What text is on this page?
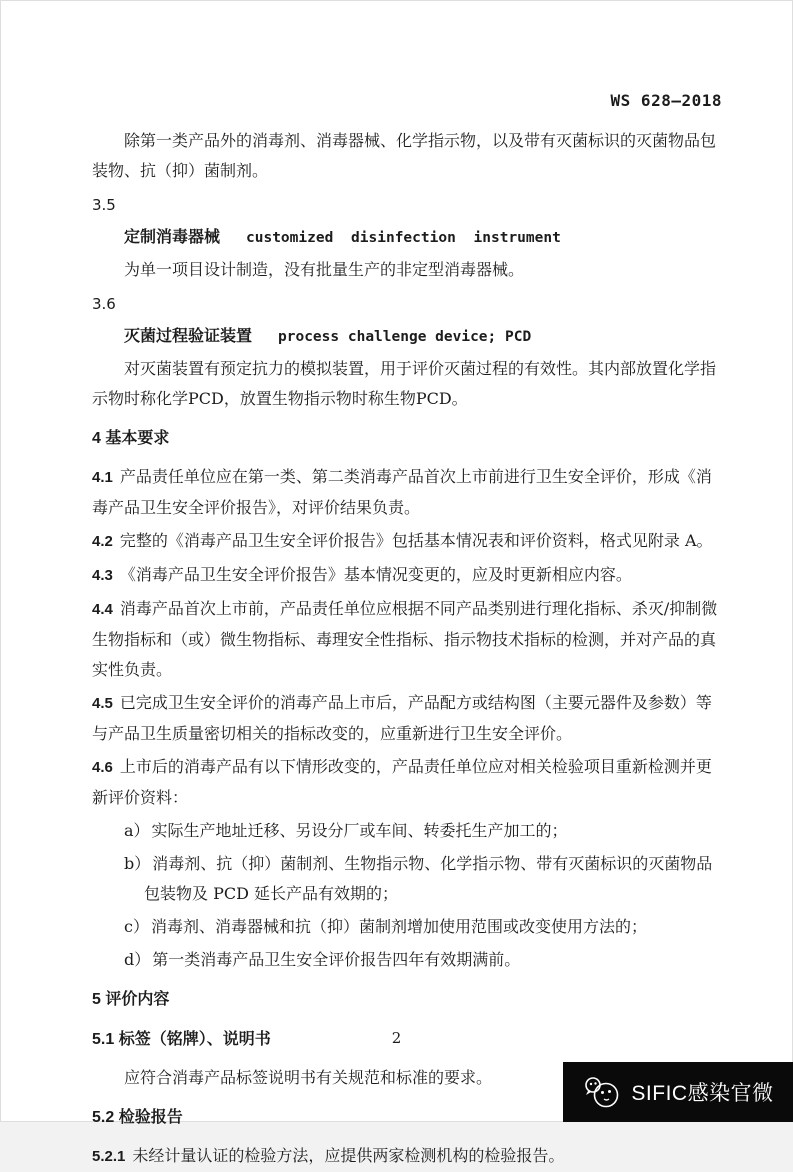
WS 628—2018

除第一类产品外的消毒剂、消毒器械、化学指示物，以及带有灭菌标识的灭菌物品包装物、抗（抑）菌制剂。

3.5

定制消毒器械 customized disinfection instrument

为单一项目设计制造，没有批量生产的非定型消毒器械。

3.6

灭菌过程验证装置 process challenge device; PCD

对灭菌装置有预定抗力的模拟装置，用于评价灭菌过程的有效性。其内部放置化学指示物时称化学PCD，放置生物指示物时称生物PCD。

4 基本要求

4.1 产品责任单位应在第一类、第二类消毒产品首次上市前进行卫生安全评价，形成《消毒产品卫生安全评价报告》，对评价结果负责。

4.2 完整的《消毒产品卫生安全评价报告》包括基本情况表和评价资料，格式见附录 A。

4.3 《消毒产品卫生安全评价报告》基本情况变更的，应及时更新相应内容。

4.4 消毒产品首次上市前，产品责任单位应根据不同产品类别进行理化指标、杀灭/抑制微生物指标和（或）微生物指标、毒理安全性指标、指示物技术指标的检测，并对产品的真实性负责。

4.5 已完成卫生安全评价的消毒产品上市后，产品配方或结构图（主要元器件及参数）等与产品卫生质量密切相关的指标改变的，应重新进行卫生安全评价。

4.6 上市后的消毒产品有以下情形改变的，产品责任单位应对相关检验项目重新检测并更新评价资料：

a） 实际生产地址迁移、另设分厂或车间、转委托生产加工的；

b） 消毒剂、抗（抑）菌制剂、生物指示物、化学指示物、带有灭菌标识的灭菌物品包装物及 PCD 延长产品有效期的；

c） 消毒剂、消毒器械和抗（抑）菌制剂增加使用范围或改变使用方法的；

d） 第一类消毒产品卫生安全评价报告四年有效期满前。

5 评价内容

5.1 标签（铭牌）、说明书

应符合消毒产品标签说明书有关规范和标准的要求。

5.2 检验报告

5.2.1 未经计量认证的检验方法，应提供两家检测机构的检验报告。

2
SIFIC感染官微
